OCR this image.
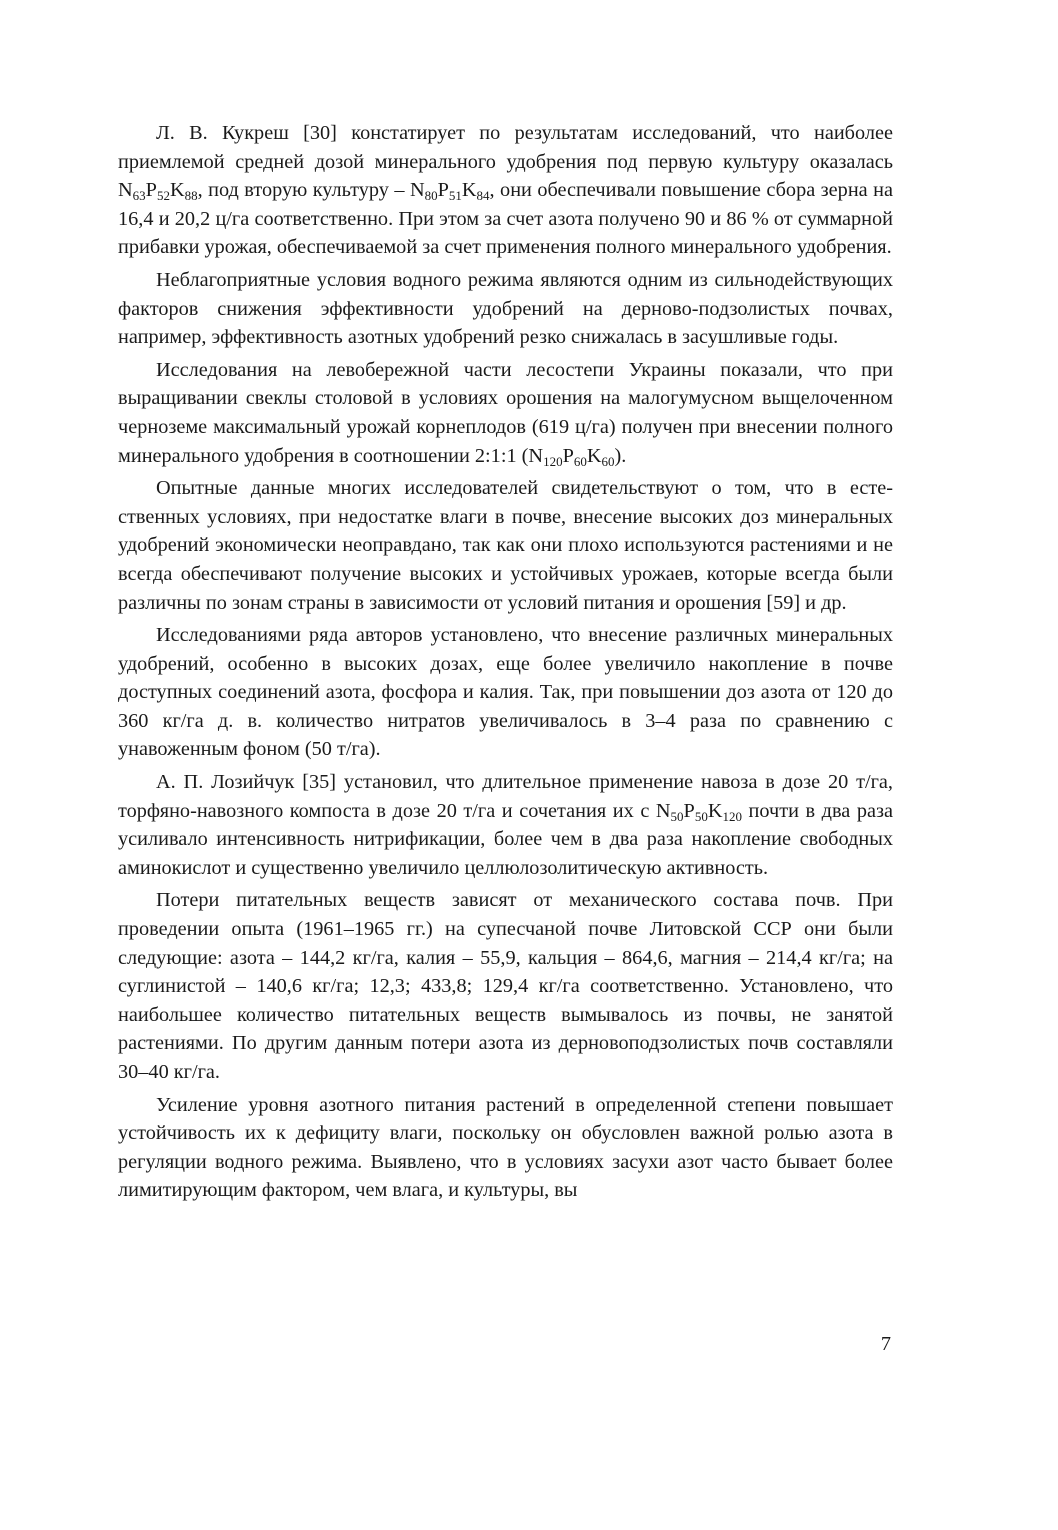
Л. В. Кукреш [30] констатирует по результатам исследований, что наиболее приемлемой средней дозой минерального удобрения под первую культуру оказалась $N_{63}P_{52}K_{88}$, под вторую культуру – $N_{80}P_{51}K_{84}$, они обеспечивали повышение сбора зерна на 16,4 и 20,2 ц/га соответственно. При этом за счет азота получено 90 и 86 % от суммарной прибавки урожая, обеспечиваемой за счет применения полного минерального удобрения.

Неблагоприятные условия водного режима являются одним из сильнодействующих факторов снижения эффективности удобрений на дерново-подзолистых почвах, например, эффективность азотных удобрений резко снижалась в засушливые годы.

Исследования на левобережной части лесостепи Украины показали, что при выращивании свеклы столовой в условиях орошения на малогумусном выщелоченном черноземе максимальный урожай корнеплодов (619 ц/га) получен при внесении полного минерального удобрения в соотношении 2:1:1 $(N_{120}P_{60}K_{60})$.

Опытные данные многих исследователей свидетельствуют о том, что в естественных условиях, при недостатке влаги в почве, внесение высоких доз минеральных удобрений экономически неоправдано, так как они плохо используются растениями и не всегда обеспечивают получение высоких и устойчивых урожаев, которые всегда были различны по зонам страны в зависимости от условий питания и орошения [59] и др.

Исследованиями ряда авторов установлено, что внесение различных минеральных удобрений, особенно в высоких дозах, еще более увеличило накопление в почве доступных соединений азота, фосфора и калия. Так, при повышении доз азота от 120 до 360 кг/га д. в. количество нитратов увеличивалось в 3–4 раза по сравнению с унавоженным фоном (50 т/га).

А. П. Лозийчук [35] установил, что длительное применение навоза в дозе 20 т/га, торфяно-навозного компоста в дозе 20 т/га и сочетания их с $N_{50}P_{50}K_{120}$ почти в два раза усиливало интенсивность нитрификации, более чем в два раза накопление свободных аминокислот и существенно увеличило целлюлозолитическую активность.

Потери питательных веществ зависят от механического состава почв. При проведении опыта (1961–1965 гг.) на супесчаной почве Литовской ССР они были следующие: азота – 144,2 кг/га, калия – 55,9, кальция – 864,6, магния – 214,4 кг/га; на суглинистой – 140,6 кг/га; 12,3; 433,8; 129,4 кг/га соответственно. Установлено, что наибольшее количество питательных веществ вымывалось из почвы, не занятой растениями. По другим данным потери азота из дерновоподзолистых почв составляли 30–40 кг/га.

Усиление уровня азотного питания растений в определенной степени повышает устойчивость их к дефициту влаги, поскольку он обусловлен важной ролью азота в регуляции водного режима. Выявлено, что в условиях засухи азот часто бывает более лимитирующим фактором, чем влага, и культуры, вы

7
